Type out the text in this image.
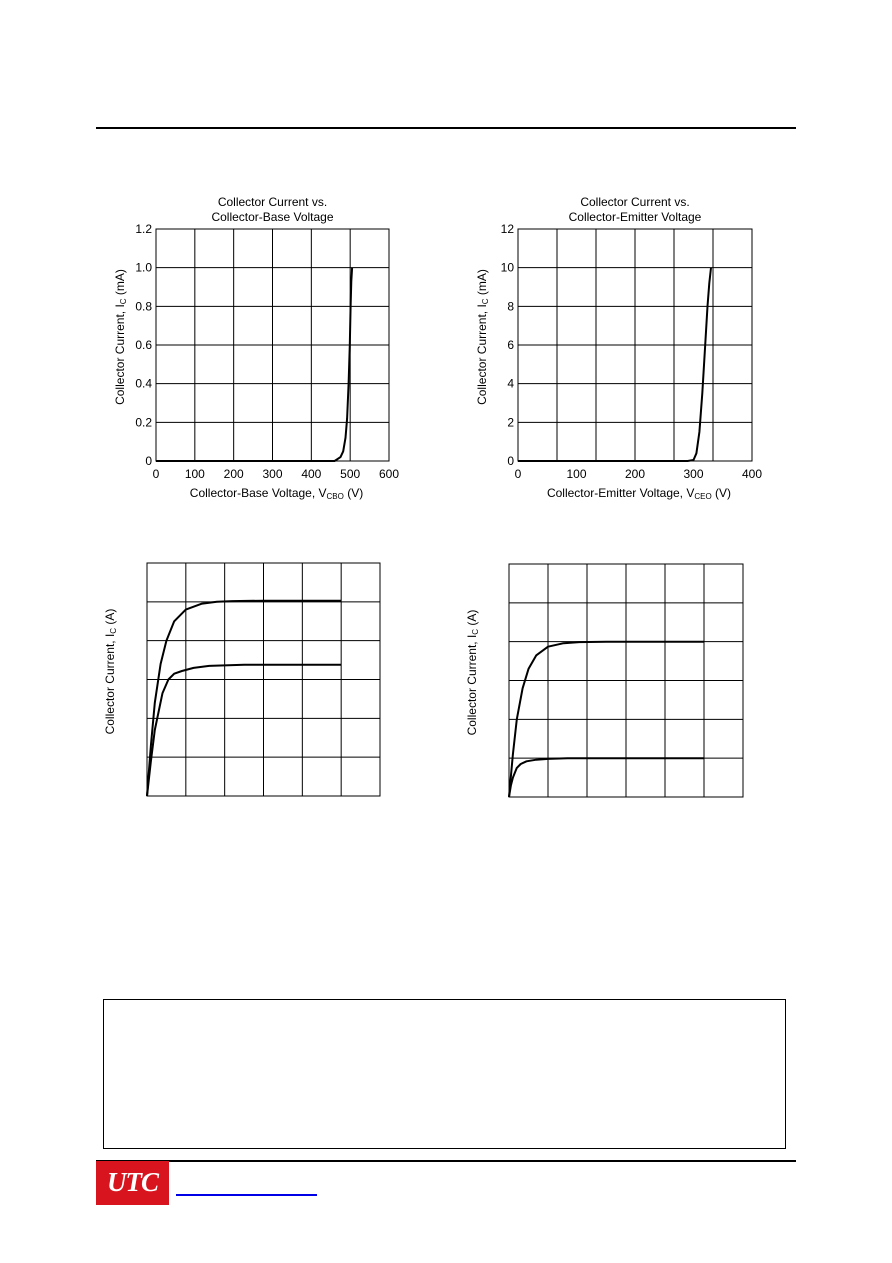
Collector Current vs.
Collector-Base Voltage
0 100 200 300 400 500 600
0
0.2
0.4
0.6
0.8
1.0
1.2
Collector-Base Voltage, VCBO (V)
Collector Current, IC (mA)
Collector Current vs.
Collector-Emitter Voltage
0	100	200	300	400
0
2
4
6
8
10
12
Collector-Emitter Voltage, VCEO (V)
Collector Current, IC (mA)
Collector Current, IC (A)
Collector Current, IC (A)
UTC
